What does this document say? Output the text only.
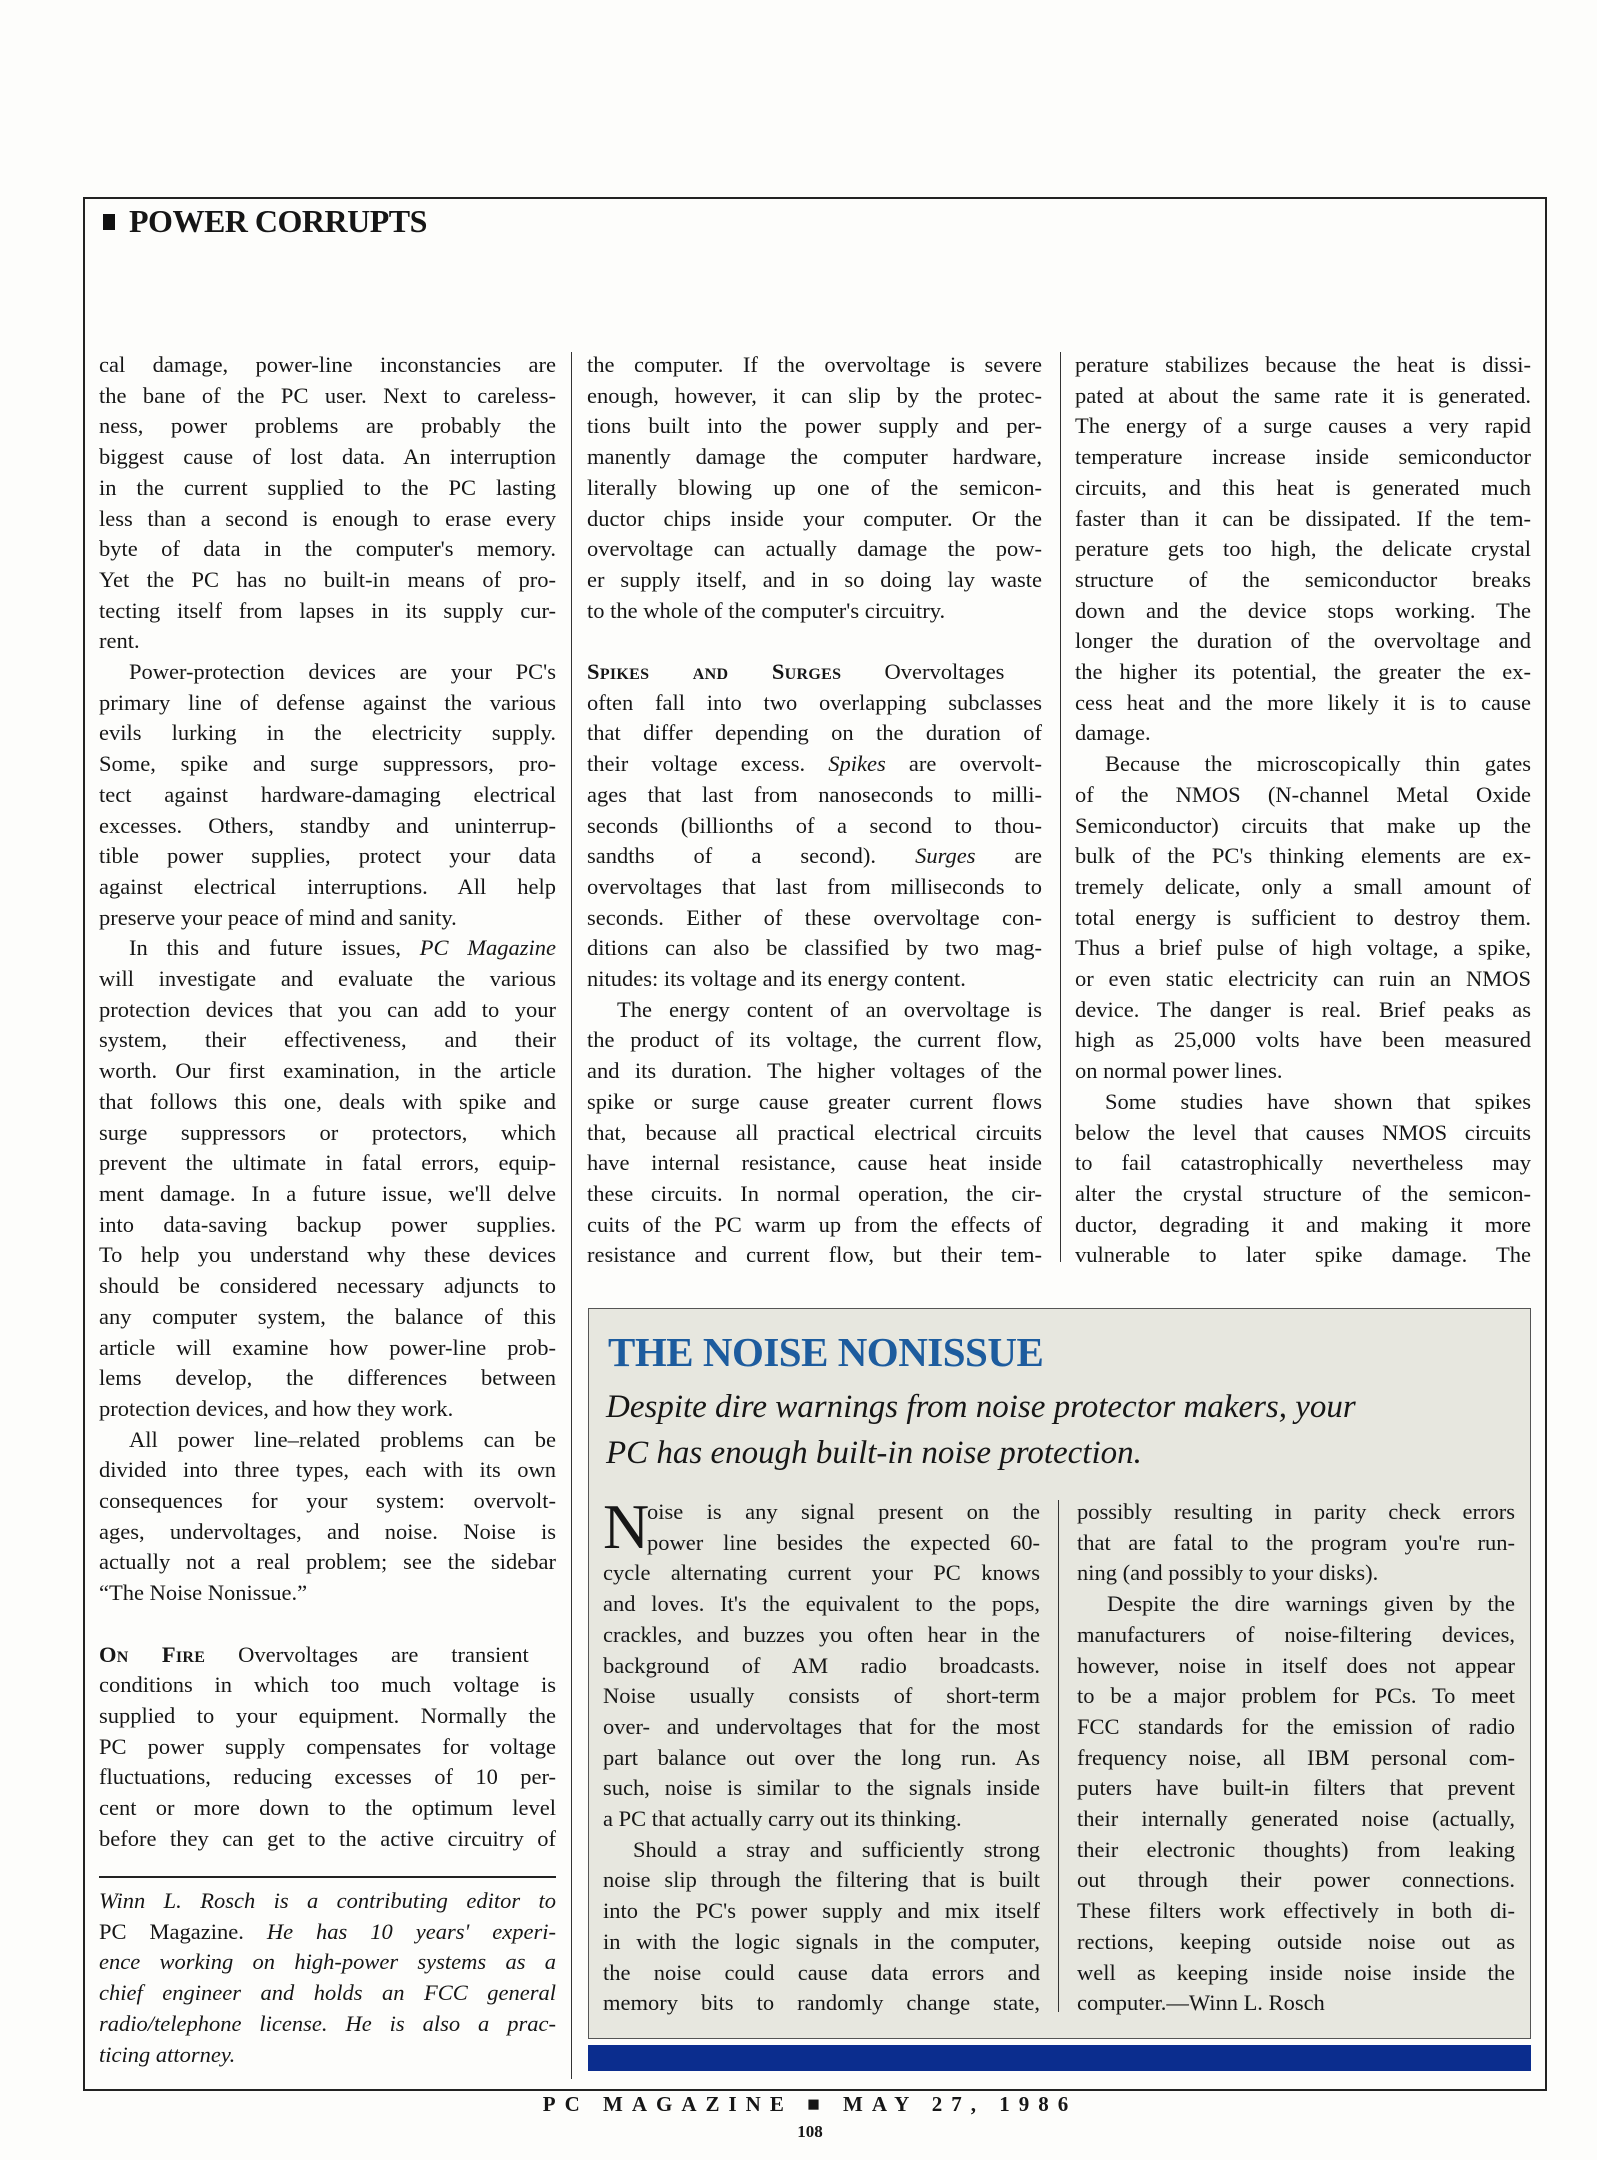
POWER CORRUPTS
cal damage, power-line inconstancies are
the bane of the PC user. Next to careless-
ness, power problems are probably the
biggest cause of lost data. An interruption
in the current supplied to the PC lasting
less than a second is enough to erase every
byte of data in the computer's memory.
Yet the PC has no built-in means of pro-
tecting itself from lapses in its supply cur-
rent.
Power-protection devices are your PC's
primary line of defense against the various
evils lurking in the electricity supply.
Some, spike and surge suppressors, pro-
tect against hardware-damaging electrical
excesses. Others, standby and uninterrup-
tible power supplies, protect your data
against electrical interruptions. All help
preserve your peace of mind and sanity.
In this and future issues, PC Magazine
will investigate and evaluate the various
protection devices that you can add to your
system, their effectiveness, and their
worth. Our first examination, in the article
that follows this one, deals with spike and
surge suppressors or protectors, which
prevent the ultimate in fatal errors, equip-
ment damage. In a future issue, we'll delve
into data-saving backup power supplies.
To help you understand why these devices
should be considered necessary adjuncts to
any computer system, the balance of this
article will examine how power-line prob-
lems develop, the differences between
protection devices, and how they work.
All power line–related problems can be
divided into three types, each with its own
consequences for your system: overvolt-
ages, undervoltages, and noise. Noise is
actually not a real problem; see the sidebar
“The Noise Nonissue.”

On Fire Overvoltages are transient
conditions in which too much voltage is
supplied to your equipment. Normally the
PC power supply compensates for voltage
fluctuations, reducing excesses of 10 per-
cent or more down to the optimum level
before they can get to the active circuitry of
the computer. If the overvoltage is severe
enough, however, it can slip by the protec-
tions built into the power supply and per-
manently damage the computer hardware,
literally blowing up one of the semicon-
ductor chips inside your computer. Or the
overvoltage can actually damage the pow-
er supply itself, and in so doing lay waste
to the whole of the computer's circuitry.

Spikes and Surges Overvoltages
often fall into two overlapping subclasses
that differ depending on the duration of
their voltage excess. Spikes are overvolt-
ages that last from nanoseconds to milli-
seconds (billionths of a second to thou-
sandths of a second). Surges are
overvoltages that last from milliseconds to
seconds. Either of these overvoltage con-
ditions can also be classified by two mag-
nitudes: its voltage and its energy content.
The energy content of an overvoltage is
the product of its voltage, the current flow,
and its duration. The higher voltages of the
spike or surge cause greater current flows
that, because all practical electrical circuits
have internal resistance, cause heat inside
these circuits. In normal operation, the cir-
cuits of the PC warm up from the effects of
resistance and current flow, but their tem-
perature stabilizes because the heat is dissi-
pated at about the same rate it is generated.
The energy of a surge causes a very rapid
temperature increase inside semiconductor
circuits, and this heat is generated much
faster than it can be dissipated. If the tem-
perature gets too high, the delicate crystal
structure of the semiconductor breaks
down and the device stops working. The
longer the duration of the overvoltage and
the higher its potential, the greater the ex-
cess heat and the more likely it is to cause
damage.
Because the microscopically thin gates
of the NMOS (N-channel Metal Oxide
Semiconductor) circuits that make up the
bulk of the PC's thinking elements are ex-
tremely delicate, only a small amount of
total energy is sufficient to destroy them.
Thus a brief pulse of high voltage, a spike,
or even static electricity can ruin an NMOS
device. The danger is real. Brief peaks as
high as 25,000 volts have been measured
on normal power lines.
Some studies have shown that spikes
below the level that causes NMOS circuits
to fail catastrophically nevertheless may
alter the crystal structure of the semicon-
ductor, degrading it and making it more
vulnerable to later spike damage. The
Winn L. Rosch is a contributing editor to
PC Magazine. He has 10 years' experi-
ence working on high-power systems as a
chief engineer and holds an FCC general
radio/telephone license. He is also a prac-
ticing attorney.
THE NOISE NONISSUE
Despite dire warnings from noise protector makers, your
PC has enough built-in noise protection.
N
oise is any signal present on the
power line besides the expected 60-
cycle alternating current your PC knows
and loves. It's the equivalent to the pops,
crackles, and buzzes you often hear in the
background of AM radio broadcasts.
Noise usually consists of short-term
over- and undervoltages that for the most
part balance out over the long run. As
such, noise is similar to the signals inside
a PC that actually carry out its thinking.
Should a stray and sufficiently strong
noise slip through the filtering that is built
into the PC's power supply and mix itself
in with the logic signals in the computer,
the noise could cause data errors and
memory bits to randomly change state,
possibly resulting in parity check errors
that are fatal to the program you're run-
ning (and possibly to your disks).
Despite the dire warnings given by the
manufacturers of noise-filtering devices,
however, noise in itself does not appear
to be a major problem for PCs. To meet
FCC standards for the emission of radio
frequency noise, all IBM personal com-
puters have built-in filters that prevent
their internally generated noise (actually,
their electronic thoughts) from leaking
out through their power connections.
These filters work effectively in both di-
rections, keeping outside noise out as
well as keeping inside noise inside the
computer.—Winn L. Rosch
PC MAGAZINE ■ MAY 27, 1986
108
